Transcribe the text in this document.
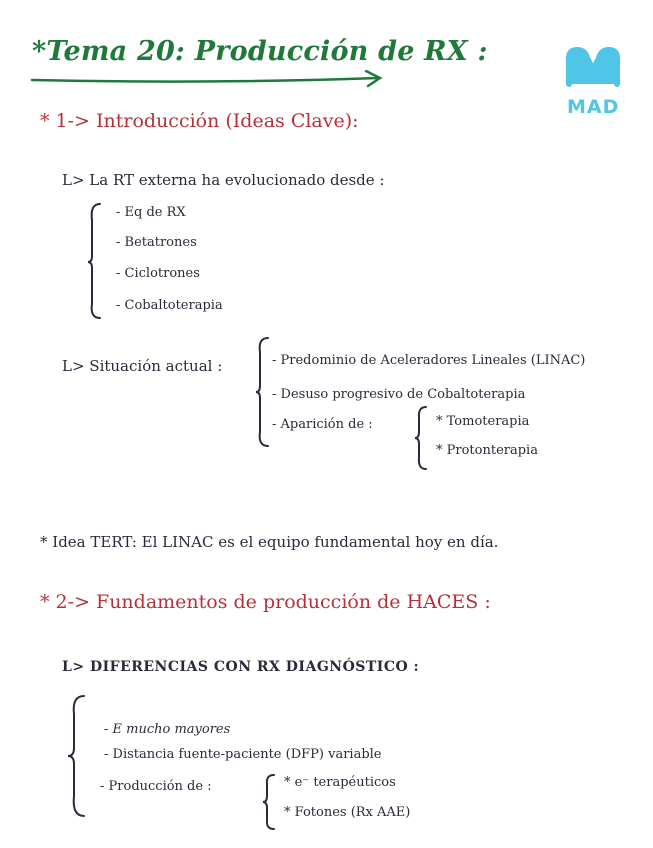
*Tema 20: Producción de RX :
MAD
* 1-> Introducción (Ideas Clave):
L> La RT externa ha evolucionado desde :
- Eq de RX
- Betatrones
- Ciclotrones
- Cobaltoterapia
L> Situación actual :	- Predominio de Aceleradores Lineales (LINAC)
- Desuso progresivo de Cobaltoterapia
- Aparición de :	* Tomoterapia
* Protonterapia
* Idea TERT: El LINAC es el equipo fundamental hoy en día.
* 2-> Fundamentos de producción de HACES :
L> DIFERENCIAS CON RX DIAGNÓSTICO :
- E mucho mayores
- Distancia fuente-paciente (DFP) variable
- Producción de :	* e⁻ terapéuticos
* Fotones (Rx AAE)
